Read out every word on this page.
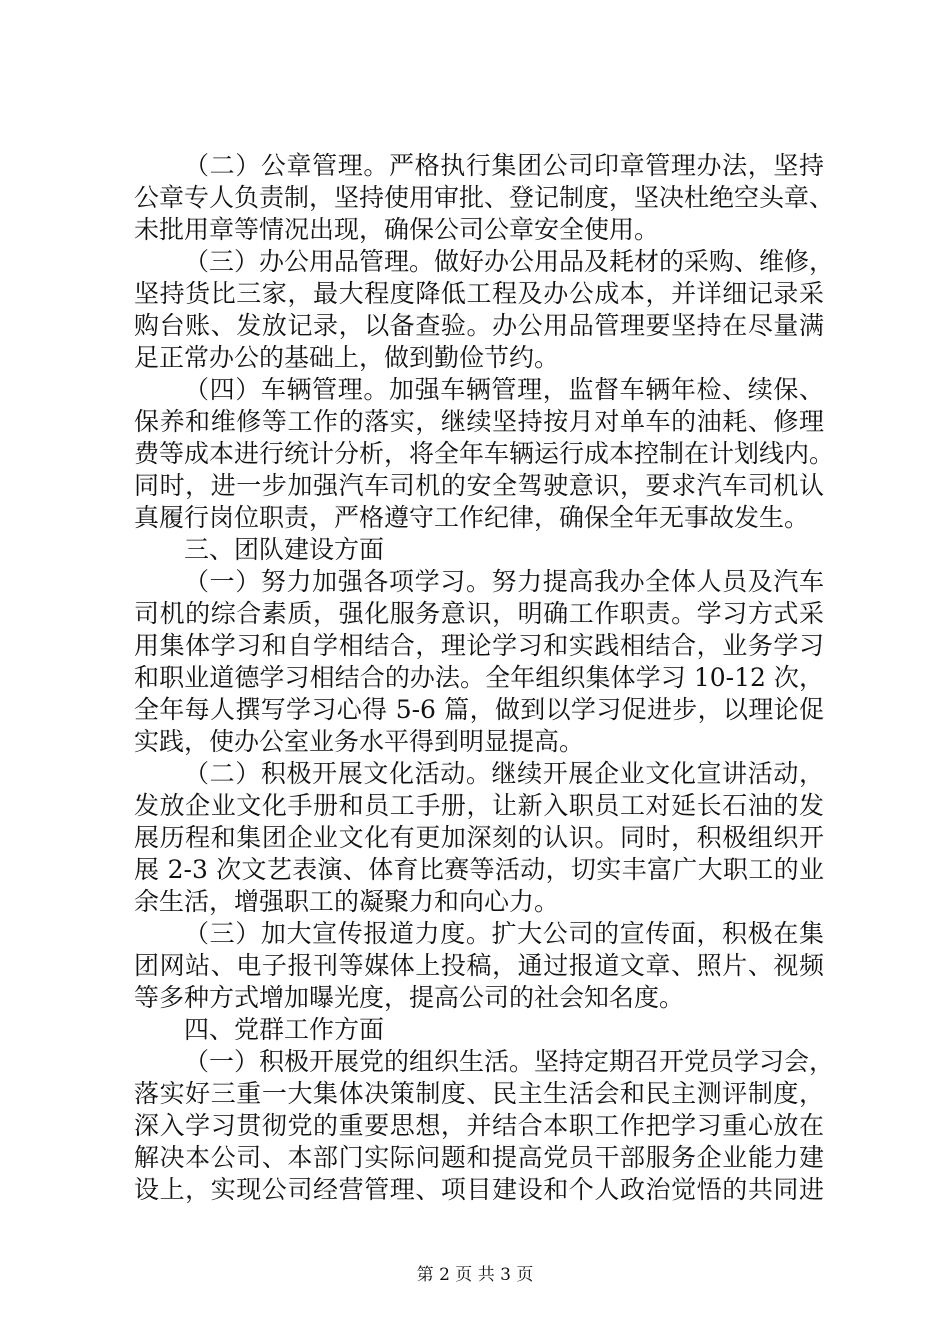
（二）公章管理。严格执行集团公司印章管理办法，坚持
公章专人负责制，坚持使用审批、登记制度，坚决杜绝空头章、
未批用章等情况出现，确保公司公章安全使用。
（三）办公用品管理。做好办公用品及耗材的采购、维修，
坚持货比三家，最大程度降低工程及办公成本，并详细记录采
购台账、发放记录，以备查验。办公用品管理要坚持在尽量满
足正常办公的基础上，做到勤俭节约。
（四）车辆管理。加强车辆管理，监督车辆年检、续保、
保养和维修等工作的落实，继续坚持按月对单车的油耗、修理
费等成本进行统计分析，将全年车辆运行成本控制在计划线内。
同时，进一步加强汽车司机的安全驾驶意识，要求汽车司机认
真履行岗位职责，严格遵守工作纪律，确保全年无事故发生。
三、团队建设方面
（一）努力加强各项学习。努力提高我办全体人员及汽车
司机的综合素质，强化服务意识，明确工作职责。学习方式采
用集体学习和自学相结合，理论学习和实践相结合，业务学习
和职业道德学习相结合的办法。全年组织集体学习 10-12 次，
全年每人撰写学习心得 5-6 篇，做到以学习促进步，以理论促
实践，使办公室业务水平得到明显提高。
（二）积极开展文化活动。继续开展企业文化宣讲活动，
发放企业文化手册和员工手册，让新入职员工对延长石油的发
展历程和集团企业文化有更加深刻的认识。同时，积极组织开
展 2-3 次文艺表演、体育比赛等活动，切实丰富广大职工的业
余生活，增强职工的凝聚力和向心力。
（三）加大宣传报道力度。扩大公司的宣传面，积极在集
团网站、电子报刊等媒体上投稿，通过报道文章、照片、视频
等多种方式增加曝光度，提高公司的社会知名度。
四、党群工作方面
（一）积极开展党的组织生活。坚持定期召开党员学习会，
落实好三重一大集体决策制度、民主生活会和民主测评制度，
深入学习贯彻党的重要思想，并结合本职工作把学习重心放在
解决本公司、本部门实际问题和提高党员干部服务企业能力建
设上，实现公司经营管理、项目建设和个人政治觉悟的共同进
第 2 页 共 3 页
